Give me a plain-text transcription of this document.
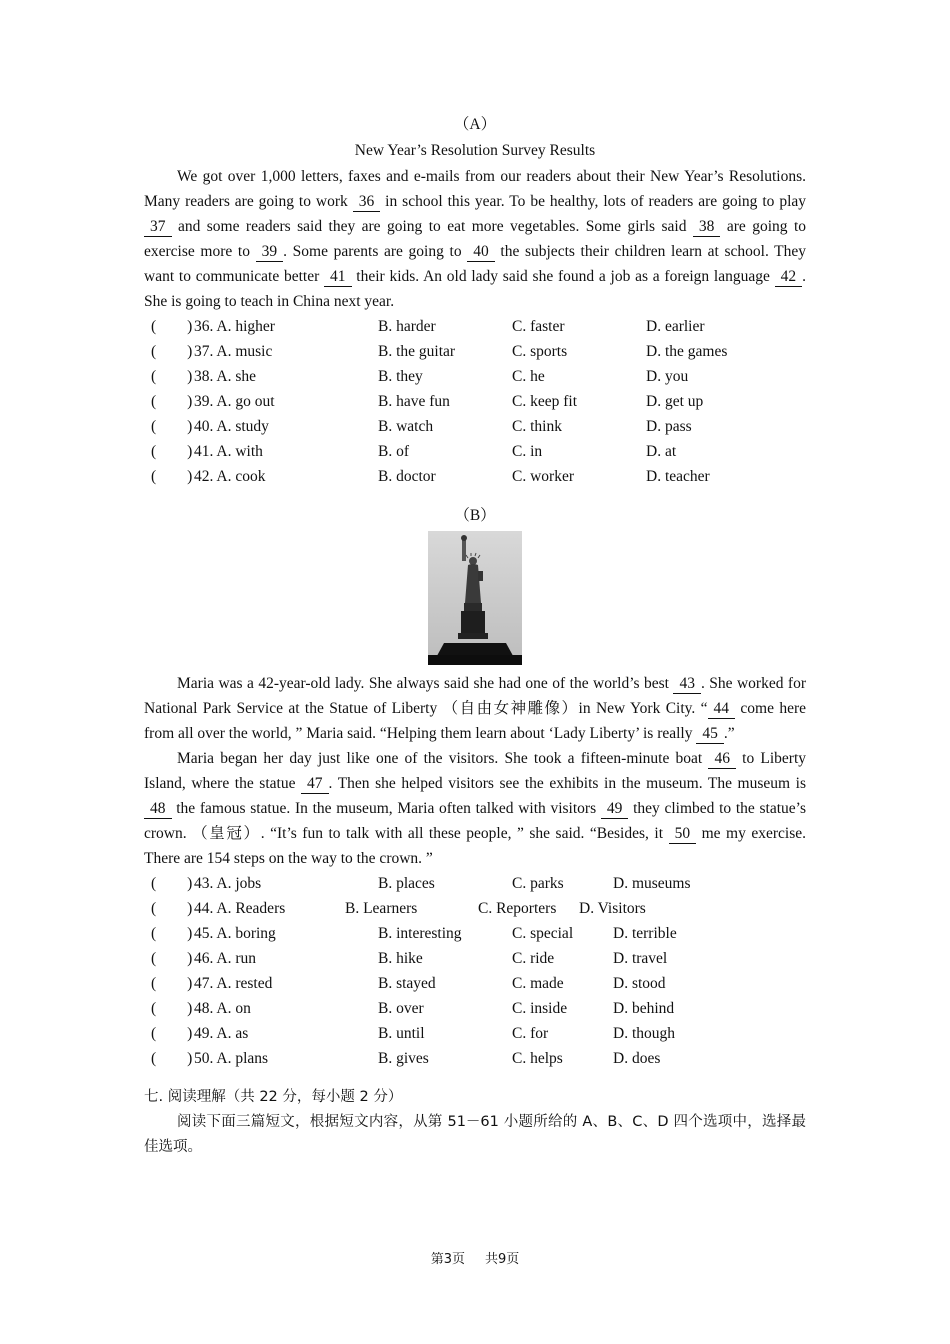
（A）
New Year’s Resolution Survey Results

We got over 1,000 letters, faxes and e-mails from our readers about their New Year’s Resolutions. Many readers are going to work 36 in school this year. To be healthy, lots of readers are going to play 37 and some readers said they are going to eat more vegetables. Some girls said 38 are going to exercise more to 39 . Some parents are going to 40 the subjects their children learn at school. They want to communicate better 41 their kids. An old lady said she found a job as a foreign language 42 . She is going to teach in China next year.

(　　) 36. A. higher	B. harder	C. faster	D. earlier
(　　) 37. A. music	B. the guitar	C. sports	D. the games
(　　) 38. A. she	B. they	C. he	D. you
(　　) 39. A. go out	B. have fun	C. keep fit	D. get up
(　　) 40. A. study	B. watch	C. think	D. pass
(　　) 41. A. with	B. of	C. in	D. at
(　　) 42. A. cook	B. doctor	C. worker	D. teacher
（B）

Maria was a 42-year-old lady. She always said she had one of the world’s best 43 . She worked for National Park Service at the Statue of Liberty （自由女神雕像）in New York City. “ 44 come here from all over the world, ” Maria said. “Helping them learn about ‘Lady Liberty’ is really 45 .”

Maria began her day just like one of the visitors. She took a fifteen-minute boat 46 to Liberty Island, where the statue 47 . Then she helped visitors see the exhibits in the museum. The museum is 48 the famous statue. In the museum, Maria often talked with visitors 49 they climbed to the statue’s crown. （皇冠）. “It’s fun to talk with all these people, ” she said. “Besides, it 50 me my exercise. There are 154 steps on the way to the crown. ”

(　　) 43. A. jobs	B. places	C. parks	D. museums
(　　) 44. A. Readers	B. Learners	C. Reporters D. Visitors
(　　) 45. A. boring	B. interesting	C. special	D. terrible
(　　) 46. A. run	B. hike	C. ride	D. travel
(　　) 47. A. rested	B. stayed	C. made	D. stood
(　　) 48. A. on	B. over	C. inside	D. behind
(　　) 49. A. as	B. until	C. for	D. though
(　　) 50. A. plans	B. gives	C. helps	D. does
七. 阅读理解（共 22 分，每小题 2 分）

阅读下面三篇短文，根据短文内容，从第 51－61 小题所给的 A、B、C、D 四个选项中，选择最佳选项。

第3页 共9页
